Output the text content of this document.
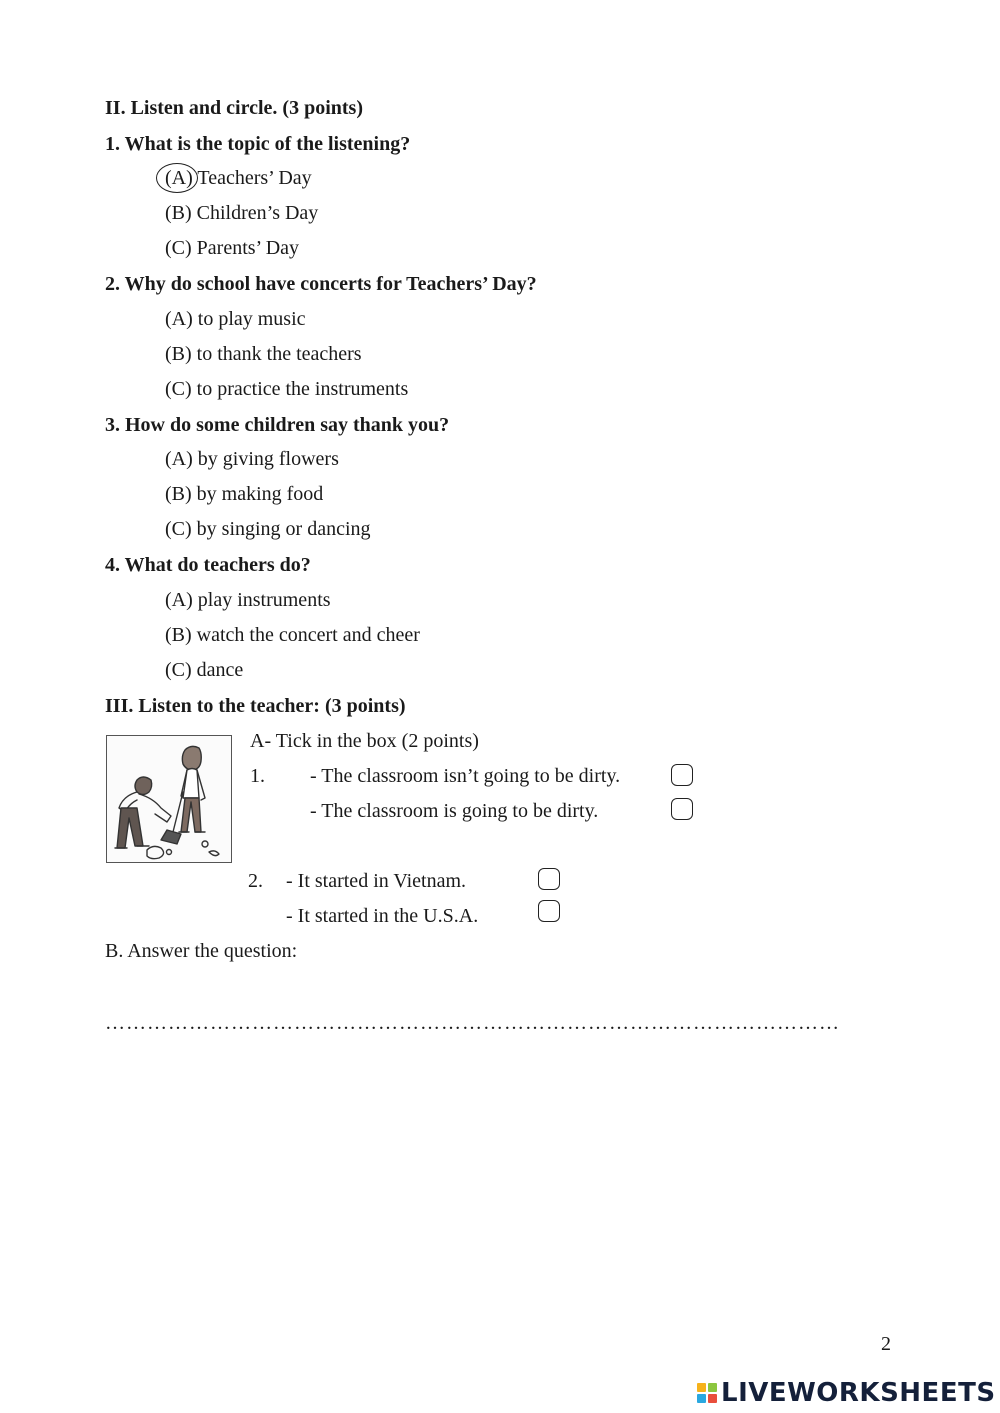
II. Listen and circle. (3 points)
1. What is the topic of the listening?
(A) Teachers’ Day
(B) Children’s Day
(C) Parents’ Day
2. Why do school have concerts for Teachers’ Day?
(A) to play music
(B) to thank the teachers
(C) to practice the instruments
3. How do some children say thank you?
(A) by giving flowers
(B) by making food
(C) by singing or dancing
4. What do teachers do?
(A) play instruments
(B) watch the concert and cheer
(C) dance
III. Listen to the teacher: (3 points)
A- Tick in the box (2 points)
1. - The classroom isn’t going to be dirty.
- The classroom is going to be dirty.
2. - It started in Vietnam.
- It started in the U.S.A.
B. Answer the question:
……………………………………………………………………………………………
2
LIVEWORKSHEETS
